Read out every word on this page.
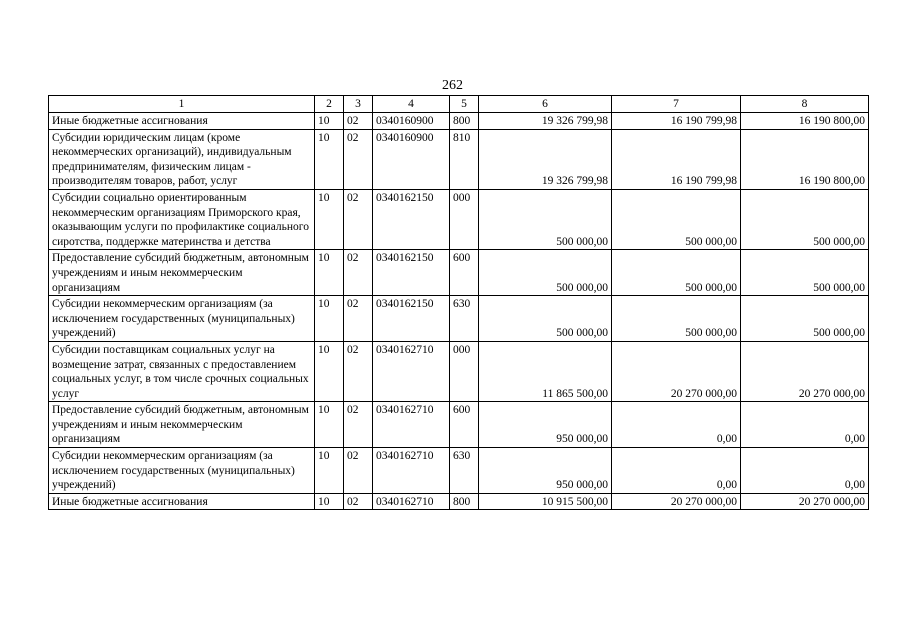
262
1	2	3	4	5	6	7	8
Иные бюджетные ассигнования	10	02	0340160900	800	19 326 799,98	16 190 799,98	16 190 800,00
Субсидии юридическим лицам (кроме некоммерческих организаций), индивидуальным предпринимателям, физическим лицам - производителям товаров, работ, услуг	10	02	0340160900	810	19 326 799,98	16 190 799,98	16 190 800,00
Субсидии социально ориентированным некоммерческим организациям Приморского края, оказывающим услуги по профилактике социального сиротства, поддержке материнства и детства	10	02	0340162150	000	500 000,00	500 000,00	500 000,00
Предоставление субсидий бюджетным, автономным учреждениям и иным некоммерческим организациям	10	02	0340162150	600	500 000,00	500 000,00	500 000,00
Субсидии некоммерческим организациям (за исключением государственных (муниципальных) учреждений)	10	02	0340162150	630	500 000,00	500 000,00	500 000,00
Субсидии поставщикам социальных услуг на возмещение затрат, связанных с предоставлением социальных услуг, в том числе срочных социальных услуг	10	02	0340162710	000	11 865 500,00	20 270 000,00	20 270 000,00
Предоставление субсидий бюджетным, автономным учреждениям и иным некоммерческим организациям	10	02	0340162710	600	950 000,00	0,00	0,00
Субсидии некоммерческим организациям (за исключением государственных (муниципальных) учреждений)	10	02	0340162710	630	950 000,00	0,00	0,00
Иные бюджетные ассигнования	10	02	0340162710	800	10 915 500,00	20 270 000,00	20 270 000,00
